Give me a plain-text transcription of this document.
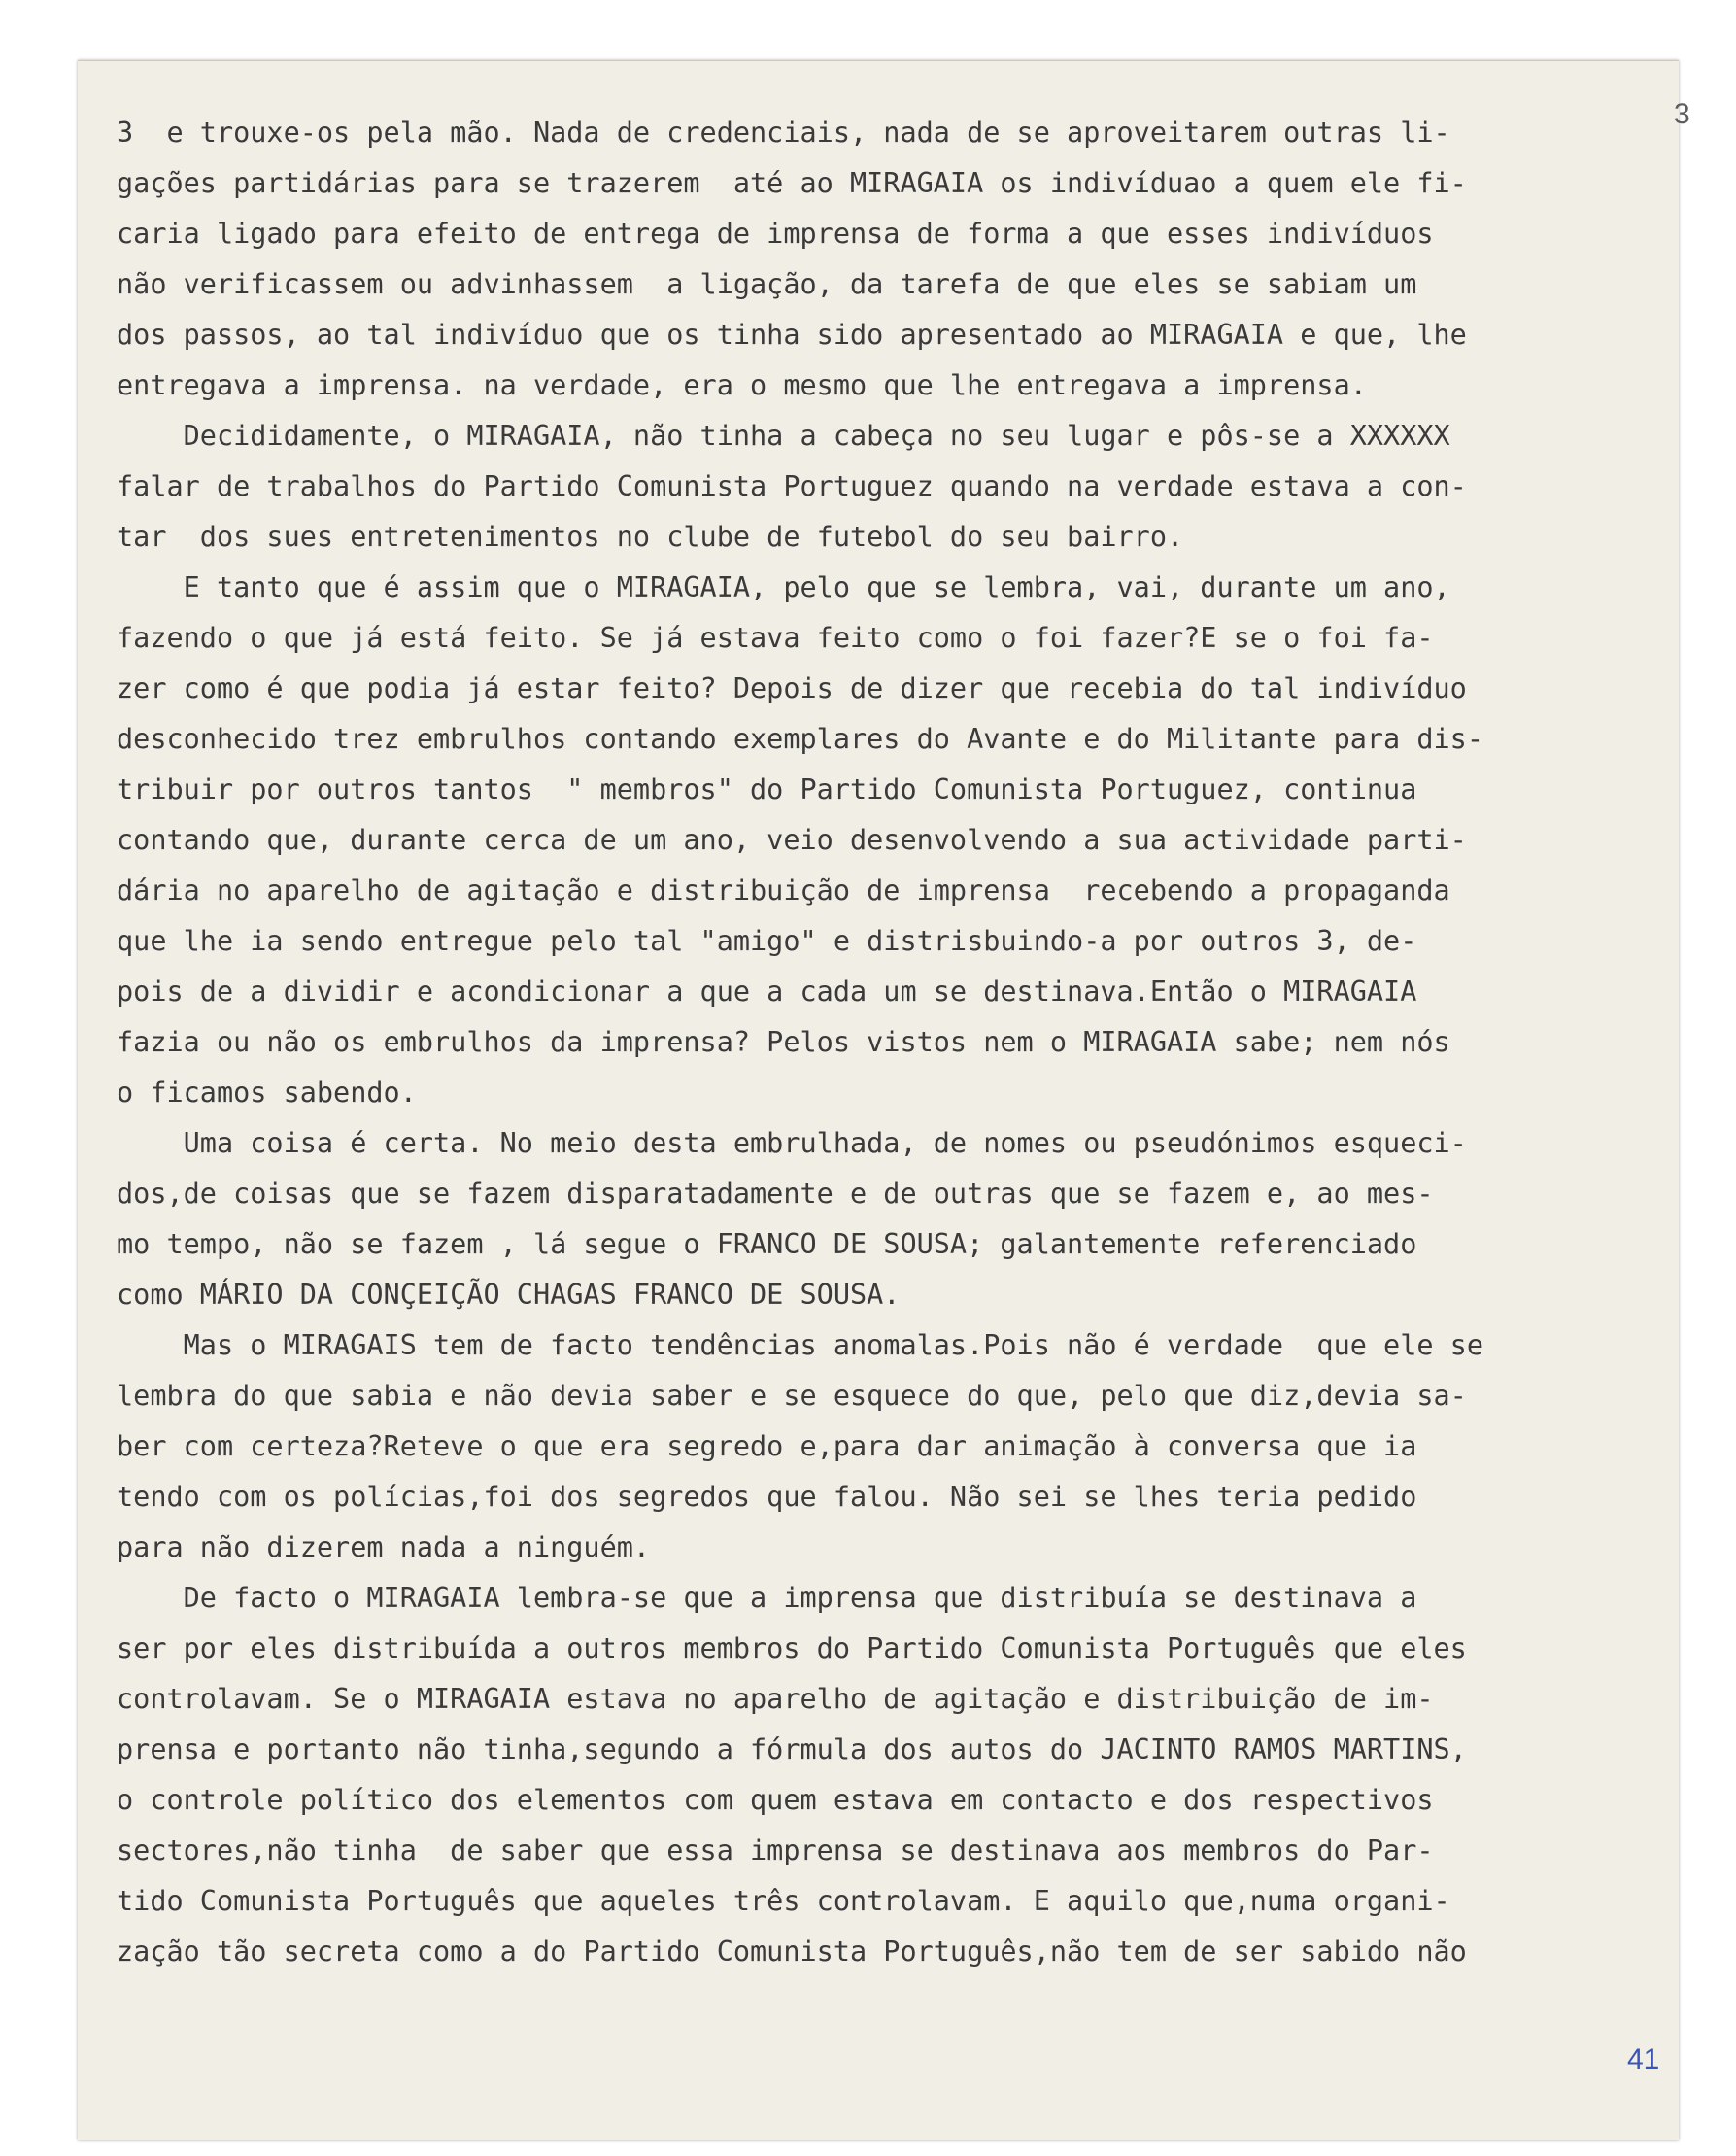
3
3  e trouxe-os pela mão. Nada de credenciais, nada de se aproveitarem outras li-
gações partidárias para se trazerem  até ao MIRAGAIA os indivíduao a quem ele fi-
caria ligado para efeito de entrega de imprensa de forma a que esses indivíduos
não verificassem ou advinhassem  a ligação, da tarefa de que eles se sabiam um
dos passos, ao tal indivíduo que os tinha sido apresentado ao MIRAGAIA e que, lhe
entregava a imprensa. na verdade, era o mesmo que lhe entregava a imprensa.
Decididamente, o MIRAGAIA, não tinha a cabeça no seu lugar e pôs-se a XXXXXX
falar de trabalhos do Partido Comunista Portuguez quando na verdade estava a con-
tar  dos sues entretenimentos no clube de futebol do seu bairro.
E tanto que é assim que o MIRAGAIA, pelo que se lembra, vai, durante um ano,
fazendo o que já está feito. Se já estava feito como o foi fazer?E se o foi fa-
zer como é que podia já estar feito? Depois de dizer que recebia do tal indivíduo
desconhecido trez embrulhos contando exemplares do Avante e do Militante para dis-
tribuir por outros tantos  " membros" do Partido Comunista Portuguez, continua
contando que, durante cerca de um ano, veio desenvolvendo a sua actividade parti-
dária no aparelho de agitação e distribuição de imprensa  recebendo a propaganda
que lhe ia sendo entregue pelo tal "amigo" e distrisbuindo-a por outros 3, de-
pois de a dividir e acondicionar a que a cada um se destinava.Então o MIRAGAIA
fazia ou não os embrulhos da imprensa? Pelos vistos nem o MIRAGAIA sabe; nem nós
o ficamos sabendo.
Uma coisa é certa. No meio desta embrulhada, de nomes ou pseudónimos esqueci-
dos,de coisas que se fazem disparatadamente e de outras que se fazem e, ao mes-
mo tempo, não se fazem , lá segue o FRANCO DE SOUSA; galantemente referenciado
como MÁRIO DA CONÇEIÇÃO CHAGAS FRANCO DE SOUSA.
Mas o MIRAGAIS tem de facto tendências anomalas.Pois não é verdade  que ele se
lembra do que sabia e não devia saber e se esquece do que, pelo que diz,devia sa-
ber com certeza?Reteve o que era segredo e,para dar animação à conversa que ia
tendo com os polícias,foi dos segredos que falou. Não sei se lhes teria pedido
para não dizerem nada a ninguém.
De facto o MIRAGAIA lembra-se que a imprensa que distribuía se destinava a
ser por eles distribuída a outros membros do Partido Comunista Português que eles
controlavam. Se o MIRAGAIA estava no aparelho de agitação e distribuição de im-
prensa e portanto não tinha,segundo a fórmula dos autos do JACINTO RAMOS MARTINS,
o controle político dos elementos com quem estava em contacto e dos respectivos
sectores,não tinha  de saber que essa imprensa se destinava aos membros do Par-
tido Comunista Português que aqueles três controlavam. E aquilo que,numa organi-
zação tão secreta como a do Partido Comunista Português,não tem de ser sabido não
41
